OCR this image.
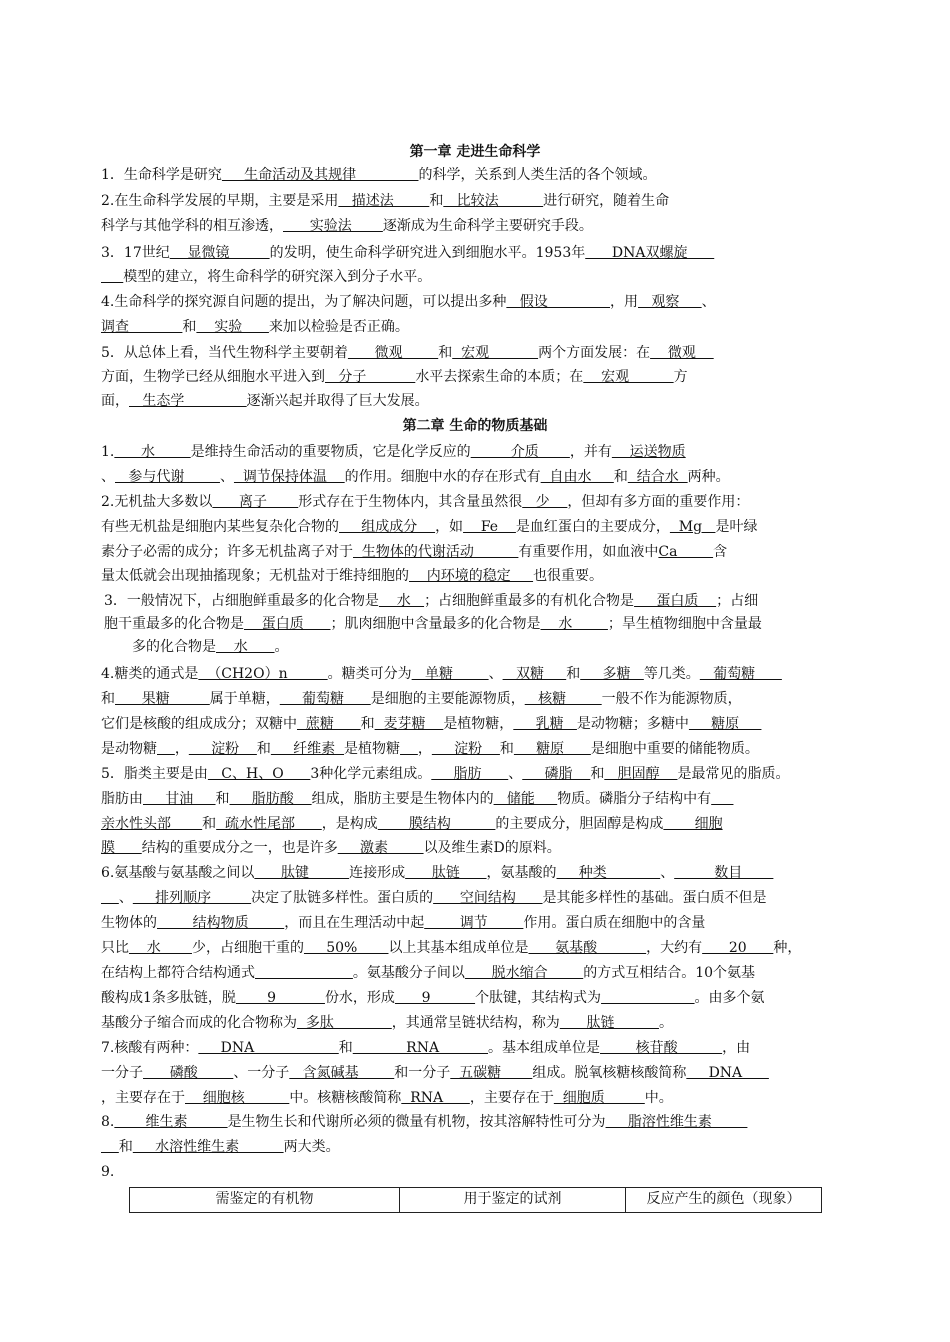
第一章 走进生命科学
1．生命科学是研究     生命活动及其规律              的科学，关系到人类生活的各个领域。
2.在生命科学发展的早期，主要是采用   描述法        和   比较法          进行研究，随着生命
科学与其他学科的相互渗透，      实验法       逐渐成为生命科学主要研究手段。
3．17世纪    显微镜         的发明，使生命科学研究进入到细胞水平。1953年      DNA双螺旋
模型的建立，将生命科学的研究深入到分子水平。
4.生命科学的探究源自问题的提出，为了解决问题，可以提出多种   假设              ，用   观察     、
调查            和    实验      来加以检验是否正确。
5．从总体上看，当代生物科学主要朝着      微观        和  宏观           两个方面发展：在    微观
方面，生物学已经从细胞水平进入到   分子           水平去探索生命的本质；在    宏观          方
面，   生态学              逐渐兴起并取得了巨大发展。
第二章 生命的物质基础
1.      水        是维持生命活动的重要物质，它是化学反应的         介质       ，并有    运送物质
、   参与代谢        、  调节保持体温    的作用。细胞中水的存在形式有  自由水     和  结合水  两种。
2.无机盐大多数以      离子       形式存在于生物体内，其含量虽然很   少    ，但却有多方面的重要作用：
有些无机盐是细胞内某些复杂化合物的     组成成分    ，如    Fe    是血红蛋白的主要成分，  Mg   是叶绿
素分子必需的成分；许多无机盐离子对于  生物体的代谢活动          有重要作用，如血液中Ca        含
量太低就会出现抽搐现象；无机盐对于维持细胞的    内环境的稳定     也很重要。
3．一般情况下，占细胞鲜重最多的化合物是    水   ；占细胞鲜重最多的有机化合物是     蛋白质    ；占细
胞干重最多的化合物是    蛋白质      ；肌肉细胞中含量最多的化合物是    水        ；旱生植物细胞中含量最
多的化合物是    水      。
4.糖类的通式是  （CH2O）n         。糖类可分为   单糖        、   双糖     和     多糖   等几类。   葡萄糖
和      果糖         属于单糖，     葡萄糖      是细胞的主要能源物质，   核糖        一般不作为能源物质，
它们是核酸的组成成分；双糖中  蔗糖      和  麦芽糖    是植物糖，     乳糖   是动物糖；多糖中     糖原
是动物糖 ，     淀粉    和     纤维素  是植物糖 ，     淀粉    和     糖原      是细胞中重要的储能物质。
5．脂类主要是由   C、H、O      3种化学元素组成。     脂肪      、     磷脂    和   胆固醇    是最常见的脂质。
脂肪由     甘油     和     脂肪酸    组成，脂肪主要是生物体内的   储能     物质。磷脂分子结构中有
亲水性头部       和  疏水性尾部      ，是构成       膜结构          的主要成分，胆固醇是构成       细胞
膜      结构的重要成分之一，也是许多     激素        以及维生素D的原料。
6.氨基酸与氨基酸之间以      肽键         连接形成      肽链      ，氨基酸的     种类            、         数目
、     排列顺序         决定了肽链多样性。蛋白质的      空间结构      是其能多样性的基础。蛋白质不但是
生物体的        结构物质        ，而且在生理活动中起        调节        作用。蛋白质在细胞中的含量
只比    水       少，占细胞干重的     50%       以上其基本组成单位是      氨基酸           ，大约有      20      种，
在结构上都符合结构通式	。氨基酸分子间以      脱水缩合        的方式互相结合。10个氨基
酸构成1条多肽链，脱       9           份水，形成      9          个肽键，其结构式为	。由多个氨
基酸分子缩合而成的化合物称为  多肽             ，其通常呈链状结构，称为      肽链          。
7.核酸有两种：     DNA                   和            RNA           。基本组成单位是        核苷酸          ，由
一分子      磷酸        、一分子   含氮碱基        和一分子  五碳糖       组成。脱氧核糖核酸简称     DNA
，主要存在于    细胞核          中。核糖核酸简称  RNA      ，主要存在于  细胞质         中。
8.       维生素         是生物生长和代谢所必须的微量有机物，按其溶解特性可分为     脂溶性维生素
和     水溶性维生素          两大类。
9.
需鉴定的有机物	用于鉴定的试剂	反应产生的颜色（现象）
